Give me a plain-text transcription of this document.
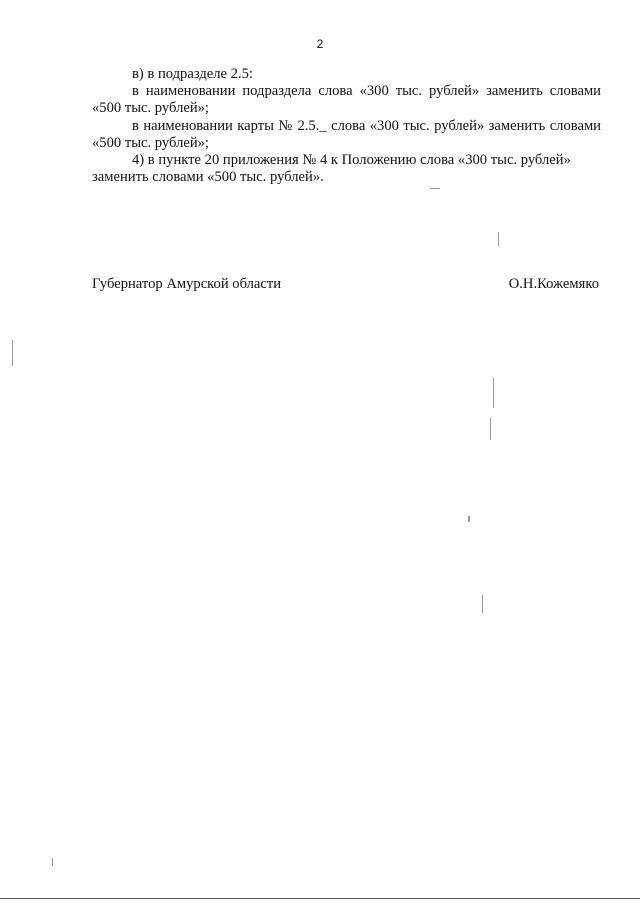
2

в) в подразделе 2.5:

в наименовании подраздела слова «300 тыс. рублей» заменить словами «500 тыс. рублей»;

в наименовании карты № 2.5._ слова «300 тыс. рублей» заменить словами «500 тыс. рублей»;

4) в пункте 20 приложения № 4 к Положению слова «300 тыс. рублей» заменить словами «500 тыс. рублей».

Губернатор Амурской области	О.Н.Кожемяко
